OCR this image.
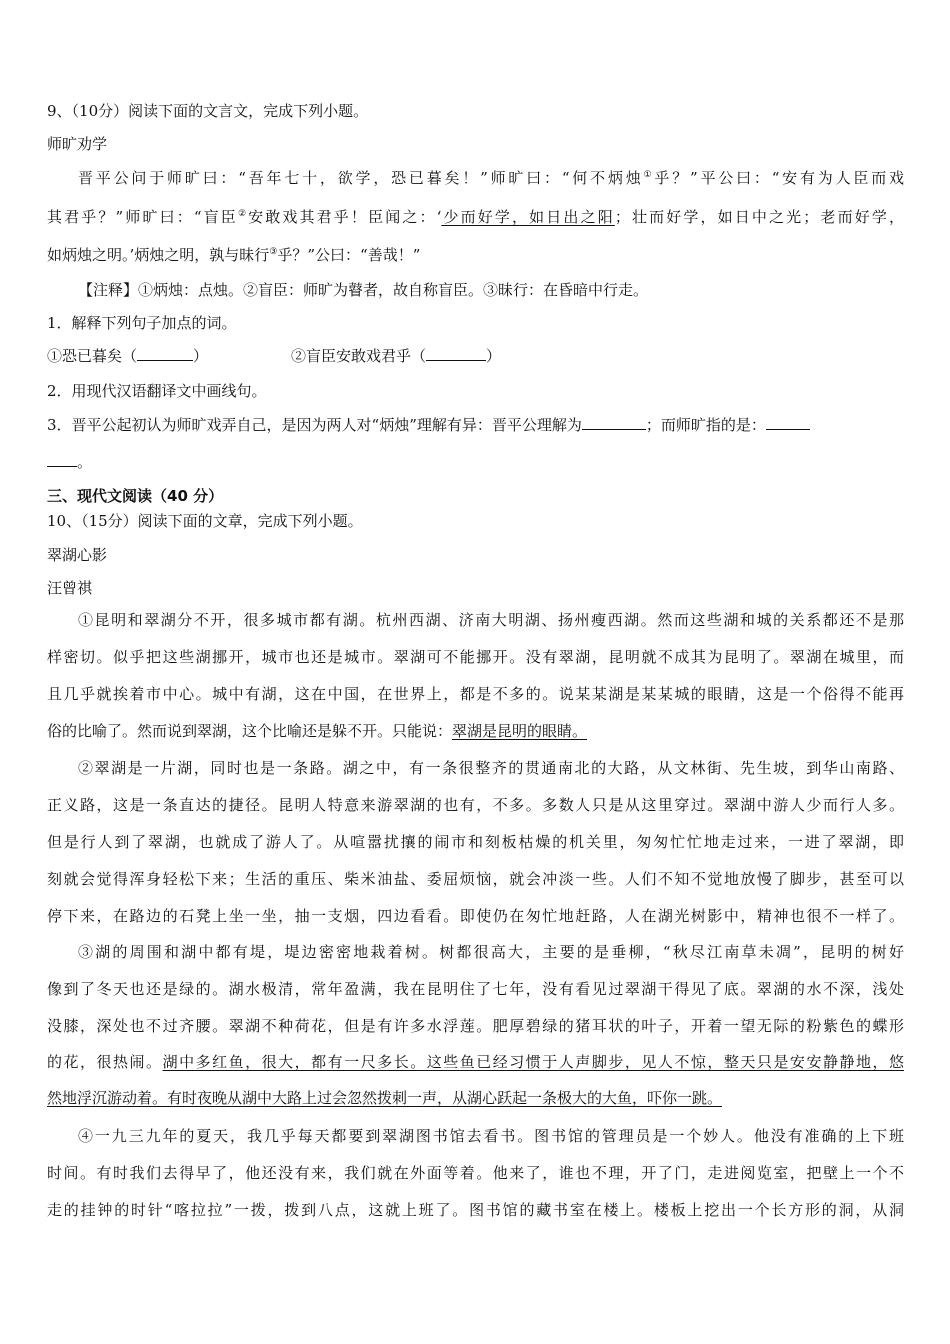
9、（10分）阅读下面的文言文，完成下列小题。
师旷劝学
晋平公问于师旷曰：“吾年七十，欲学，恐已暮矣！”师旷曰：“何不炳烛①乎？”平公曰：“安有为人臣而戏
其君乎？”师旷曰：“盲臣②安敢戏其君乎！臣闻之：‘少而好学，如日出之阳；壮而好学，如日中之光；老而好学，
如炳烛之明。’炳烛之明，孰与昧行③乎？”公曰：“善哉！”
【注释】①炳烛：点烛。②盲臣：师旷为瞽者，故自称盲臣。③昧行：在昏暗中行走。
1．解释下列句子加点的词。
①恐已暮矣（	）	②盲臣安敢戏君乎（	）
2．用现代汉语翻译文中画线句。
3．晋平公起初认为师旷戏弄自己，是因为两人对“炳烛”理解有异：晋平公理解为	；而师旷指的是：
。
三、现代文阅读（40 分）
10、（15分）阅读下面的文章，完成下列小题。
翠湖心影
汪曾祺
①昆明和翠湖分不开，很多城市都有湖。杭州西湖、济南大明湖、扬州瘦西湖。然而这些湖和城的关系都还不是那
样密切。似乎把这些湖挪开，城市也还是城市。翠湖可不能挪开。没有翠湖，昆明就不成其为昆明了。翠湖在城里，而
且几乎就挨着市中心。城中有湖，这在中国，在世界上，都是不多的。说某某湖是某某城的眼睛，这是一个俗得不能再
俗的比喻了。然而说到翠湖，这个比喻还是躲不开。只能说：翠湖是昆明的眼睛。
②翠湖是一片湖，同时也是一条路。湖之中，有一条很整齐的贯通南北的大路，从文林街、先生坡，到华山南路、
正义路，这是一条直达的捷径。昆明人特意来游翠湖的也有，不多。多数人只是从这里穿过。翠湖中游人少而行人多。
但是行人到了翠湖，也就成了游人了。从喧嚣扰攘的闹市和刻板枯燥的机关里，匆匆忙忙地走过来，一进了翠湖，即
刻就会觉得浑身轻松下来；生活的重压、柴米油盐、委屈烦恼，就会冲淡一些。人们不知不觉地放慢了脚步，甚至可以
停下来，在路边的石凳上坐一坐，抽一支烟，四边看看。即使仍在匆忙地赶路，人在湖光树影中，精神也很不一样了。
③湖的周围和湖中都有堤，堤边密密地栽着树。树都很高大，主要的是垂柳，“秋尽江南草未凋”，昆明的树好
像到了冬天也还是绿的。湖水极清，常年盈满，我在昆明住了七年，没有看见过翠湖干得见了底。翠湖的水不深，浅处
没膝，深处也不过齐腰。翠湖不种荷花，但是有许多水浮莲。肥厚碧绿的猪耳状的叶子，开着一望无际的粉紫色的蝶形
的花，很热闹。湖中多红鱼，很大，都有一尺多长。这些鱼已经习惯于人声脚步，见人不惊，整天只是安安静静地，悠
然地浮沉游动着。有时夜晚从湖中大路上过会忽然拨刺一声，从湖心跃起一条极大的大鱼，吓你一跳。
④一九三九年的夏天，我几乎每天都要到翠湖图书馆去看书。图书馆的管理员是一个妙人。他没有准确的上下班
时间。有时我们去得早了，他还没有来，我们就在外面等着。他来了，谁也不理，开了门，走进阅览室，把壁上一个不
走的挂钟的时针“喀拉拉”一拨，拨到八点，这就上班了。图书馆的藏书室在楼上。楼板上挖出一个长方形的洞，从洞
